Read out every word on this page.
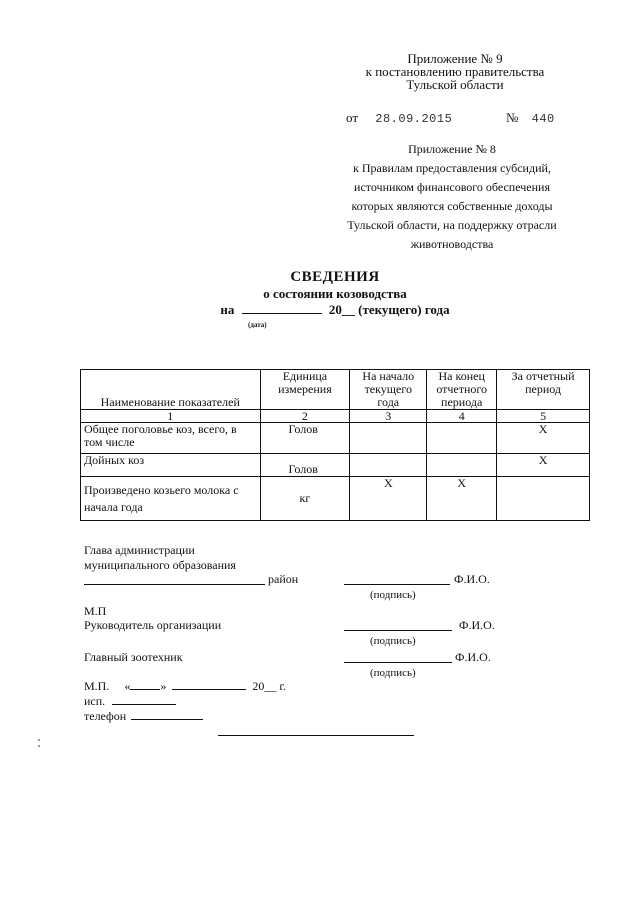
Приложение № 9
к постановлению правительства
Тульской области
от 28.09.2015	№ 440
Приложение № 8
к Правилам предоставления субсидий,
источником финансового обеспечения
которых являются собственные доходы
Тульской области, на поддержку отрасли
животноводства
СВЕДЕНИЯ
о состоянии козоводства
на	20__ (текущего) года
(дата)
Наименование показателей	Единица измерения	На начало текущего года	На конец отчетного периода	За отчетный период
1	2	3	4	5
Общее поголовье коз, всего, в том числе	Голов			Х
Дойных коз	Голов			Х
Произведено козьего молока с начала года	кг	Х	Х	
Глава администрации
муниципального образования
район	Ф.И.О.
(подпись)
М.П
Руководитель организации	Ф.И.О.
(подпись)
Главный зоотехник	Ф.И.О.
(подпись)
М.П. «	»	20__ г.
исп.
телефон
